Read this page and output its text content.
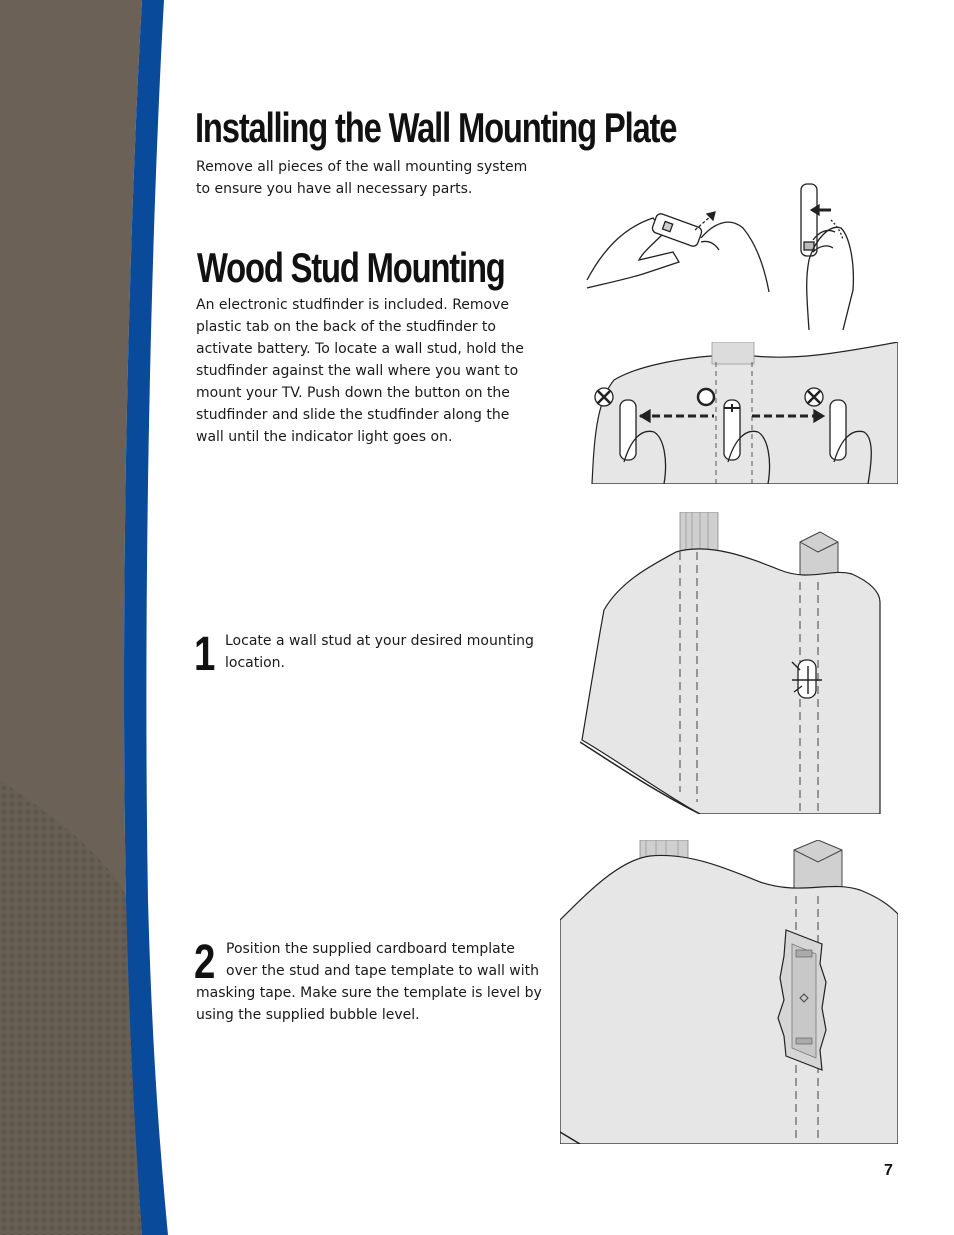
Installing the Wall Mounting Plate

Remove all pieces of the wall mounting system to ensure you have all necessary parts.

Wood Stud Mounting

An electronic studfinder is included. Remove plastic tab on the back of the studfinder to activate battery. To locate a wall stud, hold the studfinder against the wall where you want to mount your TV. Push down the button on the studfinder and slide the studfinder along the wall until the indicator light goes on.

1 Locate a wall stud at your desired mounting location.

2 Position the supplied cardboard template over the stud and tape template to wall with

masking tape. Make sure the template is level by using the supplied bubble level.

7
